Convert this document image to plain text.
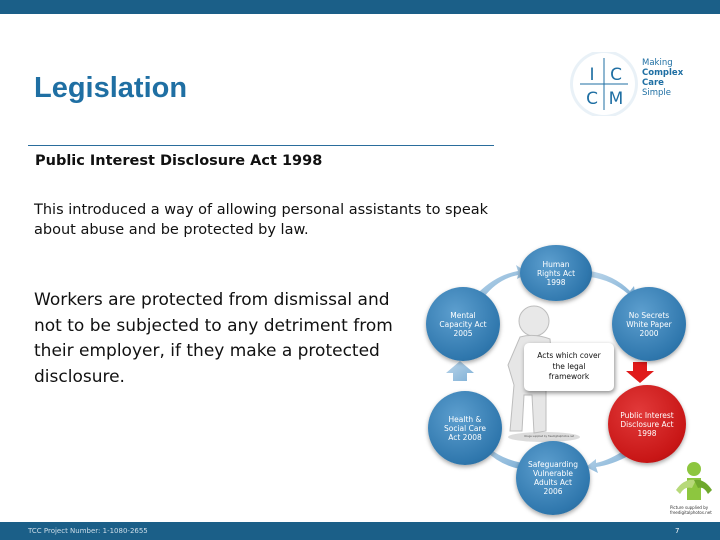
Legislation	I C
C M
Making
Complex
Care
Simple
Public Interest Disclosure Act 1998
This introduced a way of allowing personal assistants to speak about abuse and be protected by law.
Workers are protected from dismissal and not to be subjected to any detriment from their employer, if they make a protected disclosure.
Human Rights Act 1998
No Secrets White Paper 2000
Public Interest Disclosure Act 1998
Safeguarding Vulnerable Adults Act 2006
Health & Social Care Act 2008
Mental Capacity Act 2005
Acts which cover the legal framework
Image supplied by freedigitalphotos.net
Picture supplied by freedigitalphotos.net
TCC Project Number: 1-1080-2655	7
